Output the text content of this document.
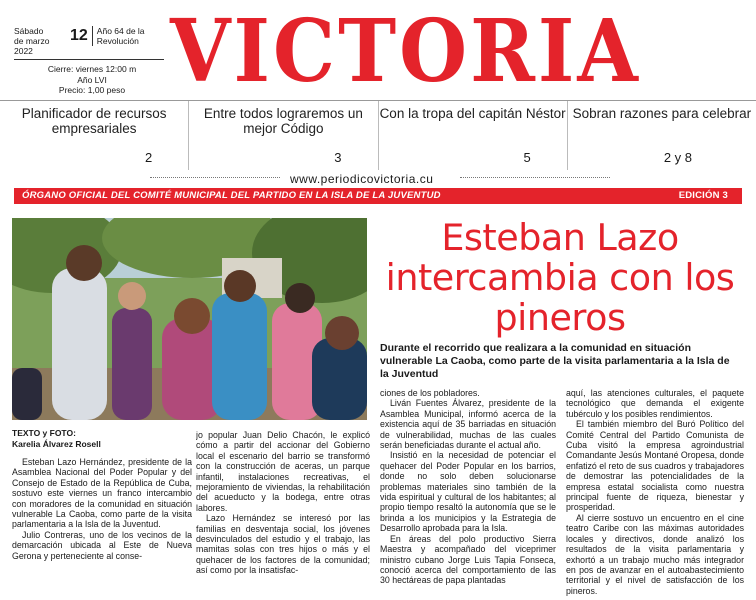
Sábado
de marzo 2022
12	Año 64 de la Revolución
Cierre: viernes 12:00 m
Año LVI
Precio: 1,00 peso VICTORIA
Planificador de recursos empresariales
2
Entre todos lograremos un mejor Código
3
Con la tropa del capitán Néstor
5
Sobran razones para celebrar
2 y 8
www.periodicovictoria.cu
ÓRGANO OFICIAL DEL COMITÉ MUNICIPAL DEL PARTIDO EN LA ISLA DE LA JUVENTUD	EDICIÓN 3
Esteban Lazo intercambia con los pineros
Durante el recorrido que realizara a la comunidad en situación vulnerable La Caoba, como parte de la visita parlamentaria a la Isla de la Juventud
TEXTO y FOTO:
Karelia Álvarez Rosell

Esteban Lazo Hernández, presidente de la Asamblea Nacional del Poder Popular y del Consejo de Estado de la República de Cuba, sostuvo este viernes un franco intercambio con moradores de la comunidad en situación vulnerable La Caoba, como parte de la visita parlamentaria a la Isla de la Juventud.

Julio Contreras, uno de los vecinos de la demarcación ubicada al Este de Nueva Gerona y perteneciente al conse-

jo popular Juan Delio Chacón, le explicó cómo a partir del accionar del Gobierno local el escenario del barrio se transformó con la construcción de aceras, un parque infantil, instalaciones recreativas, el mejoramiento de viviendas, la rehabilitación del acueducto y la bodega, entre otras labores.

Lazo Hernández se interesó por las familias en desventaja social, los jóvenes desvinculados del estudio y el trabajo, las mamitas solas con tres hijos o más y el quehacer de los factores de la comunidad; así como por la insatisfac-

ciones de los pobladores.

Liván Fuentes Álvarez, presidente de la Asamblea Municipal, informó acerca de la existencia aquí de 35 barriadas en situación de vulnerabilidad, muchas de las cuales serán beneficiadas durante el actual año.

Insistió en la necesidad de potenciar el quehacer del Poder Popular en los barrios, donde no solo deben solucionarse problemas materiales sino también de la vida espiritual y cultural de los habitantes; al propio tiempo resaltó la autonomía que se le brinda a los municipios y la Estrategia de Desarrollo aprobada para la Isla.

En áreas del polo productivo Sierra Maestra y acompañado del viceprimer ministro cubano Jorge Luis Tapia Fonseca, conoció acerca del comportamiento de las 30 hectáreas de papa plantadas

aquí, las atenciones culturales, el paquete tecnológico que demanda el exigente tubérculo y los posibles rendimientos.

El también miembro del Buró Político del Comité Central del Partido Comunista de Cuba visitó la empresa agroindustrial Comandante Jesús Montané Oropesa, donde enfatizó el reto de sus cuadros y trabajadores de demostrar las potencialidades de la empresa estatal socialista como nuestra principal fuente de riqueza, bienestar y prosperidad.

Al cierre sostuvo un encuentro en el cine teatro Caribe con las máximas autoridades locales y directivos, donde analizó los resultados de la visita parlamentaria y exhortó a un trabajo mucho más integrador en pos de avanzar en el autoabastecimiento territorial y el nivel de satisfacción de los pineros.
